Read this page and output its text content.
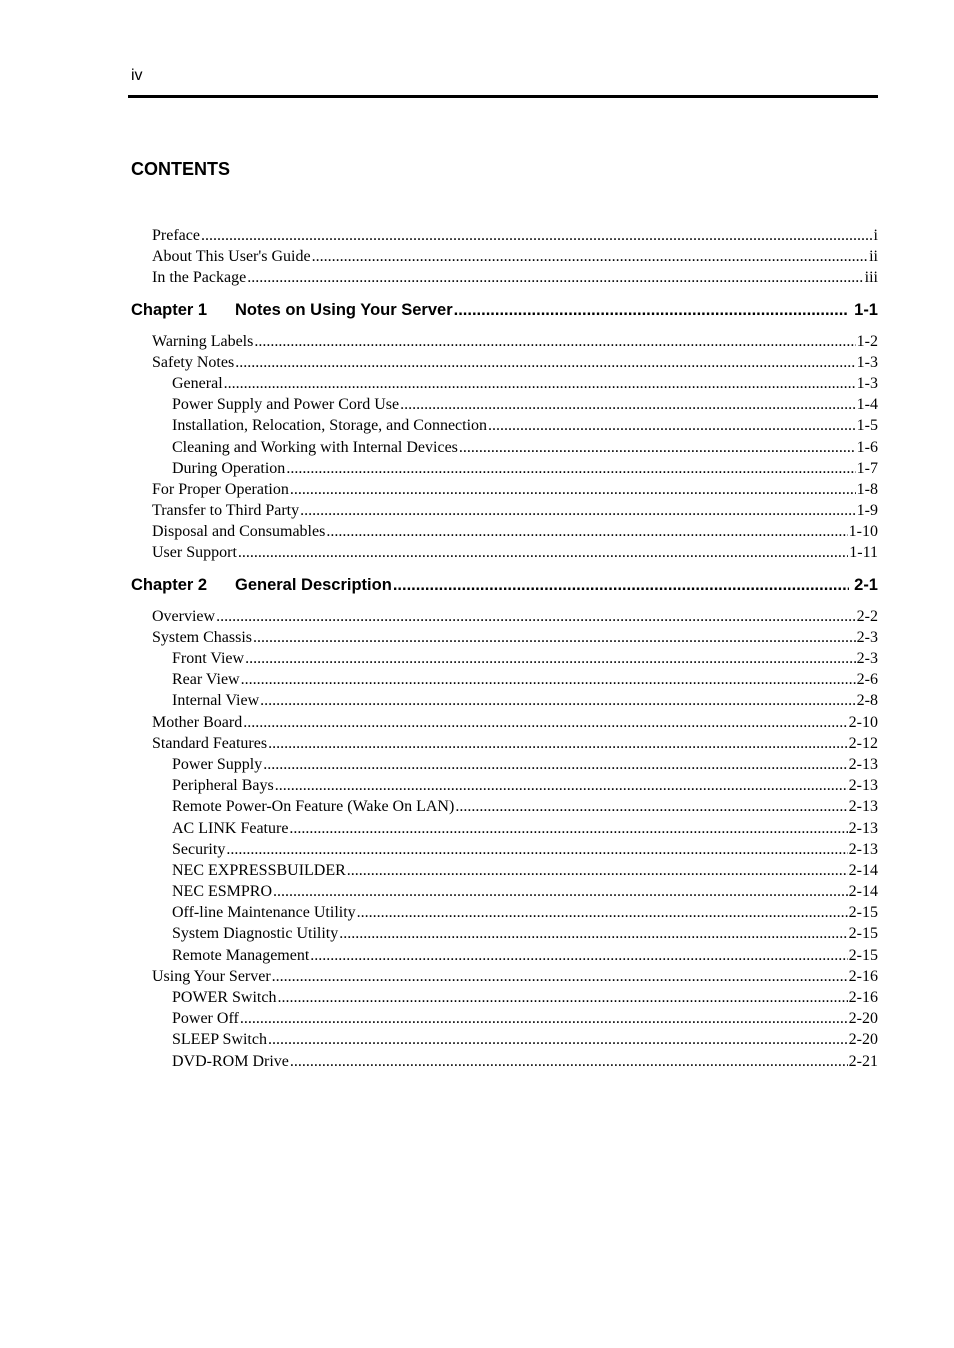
iv
CONTENTS
Preface .....	i
About This User's Guide .....	ii
In the Package .....	iii
Chapter 1	Notes on Using Your Server .....	1-1
Warning Labels .....	1-2
Safety Notes .....	1-3
General .....	1-3
Power Supply and Power Cord Use .....	1-4
Installation, Relocation, Storage, and Connection .....	1-5
Cleaning and Working with Internal Devices .....	1-6
During Operation .....	1-7
For Proper Operation .....	1-8
Transfer to Third Party .....	1-9
Disposal and Consumables .....	1-10
User Support .....	1-11
Chapter 2	General Description .....	2-1
Overview .....	2-2
System Chassis .....	2-3
Front View .....	2-3
Rear View .....	2-6
Internal View .....	2-8
Mother Board .....	2-10
Standard Features .....	2-12
Power Supply .....	2-13
Peripheral Bays .....	2-13
Remote Power-On Feature (Wake On LAN) .....	2-13
AC LINK Feature .....	2-13
Security .....	2-13
NEC EXPRESSBUILDER .....	2-14
NEC ESMPRO .....	2-14
Off-line Maintenance Utility .....	2-15
System Diagnostic Utility .....	2-15
Remote Management .....	2-15
Using Your Server .....	2-16
POWER Switch .....	2-16
Power Off .....	2-20
SLEEP Switch .....	2-20
DVD-ROM Drive .....	2-21
